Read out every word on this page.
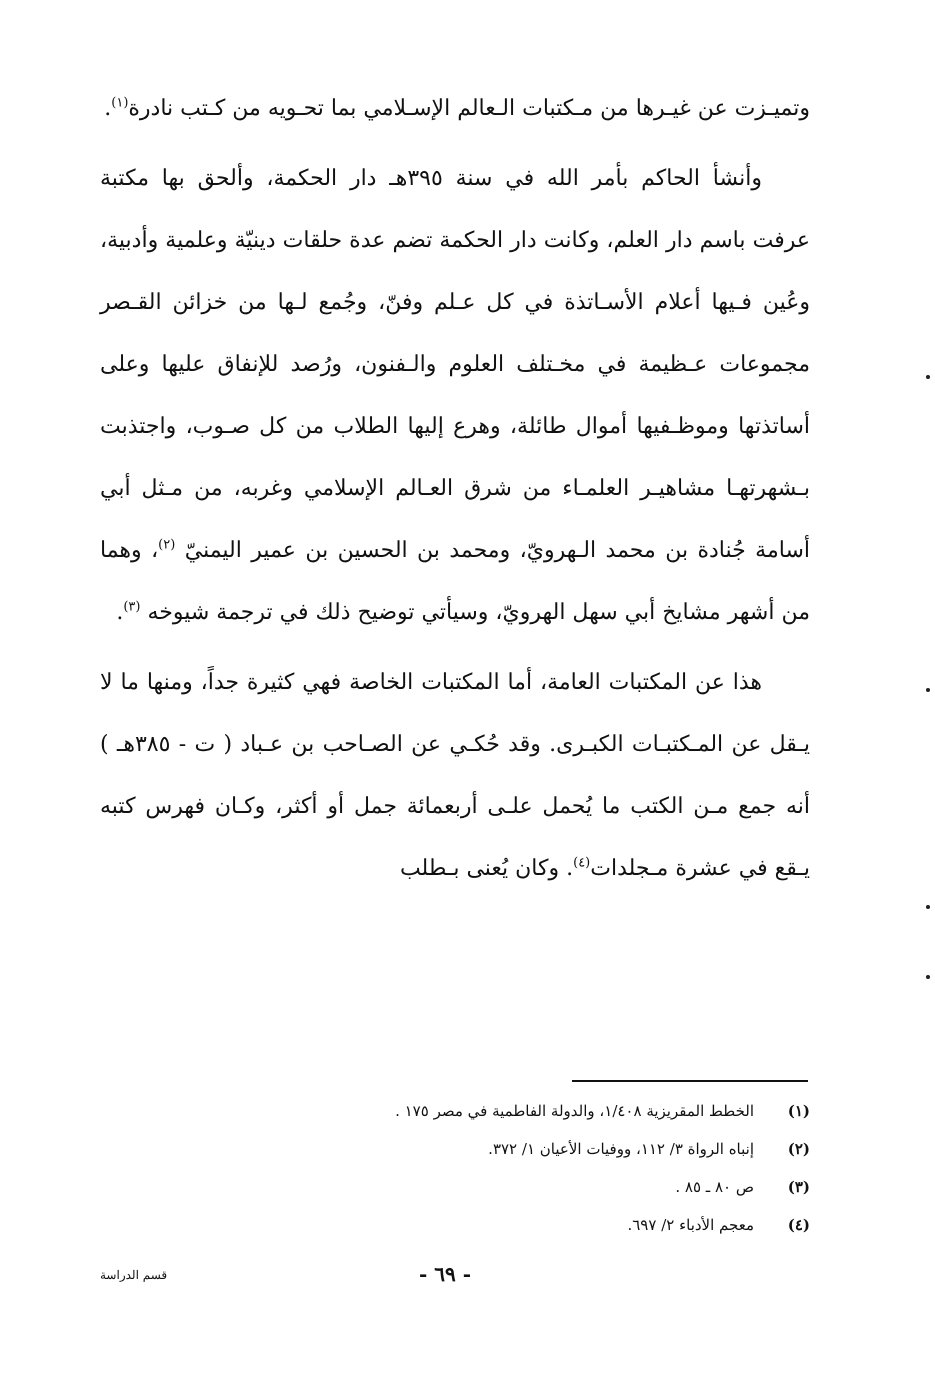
وتميـزت عن غيـرها من مـكتبات الـعالم الإسـلامي بما تحـويه من كـتب نادرة$^{(١)}$.

وأنشأ الحاكم بأمر الله في سنة ٣٩٥هـ دار الحكمة، وألحق بها مكتبة عرفت باسم دار العلم، وكانت دار الحكمة تضم عدة حلقات دينيّة وعلمية وأدبية، وعُين فـيها أعلام الأسـاتذة في كل عـلم وفنّ، وجُمع لـها من خزائن القـصر مجموعات عـظيمة في مخـتلف العلوم والـفنون، ورُصد للإنفاق عليها وعلى أساتذتها وموظـفيها أموال طائلة، وهرع إليها الطلاب من كل صـوب، واجتذبت بـشهرتهـا مشاهيـر العلمـاء من شرق العـالم الإسلامي وغربه، من مـثل أبي أسامة جُنادة بن محمد الـهرويّ، ومحمد بن الحسين بن عمير اليمنيّ $^{(٢)}$، وهما من أشهر مشايخ أبي سهل الهرويّ، وسيأتي توضيح ذلك في ترجمة شيوخه $^{(٣)}$.

هذا عن المكتبات العامة، أما المكتبات الخاصة فهي كثيرة جداً، ومنها ما لا يـقل عن المـكتبـات الكبـرى. وقد حُكـي عن الصـاحب بن عـباد ( ت - ٣٨٥هـ ) أنه جمع مـن الكتب ما يُحمل علـى أربعمائة جمل أو أكثر، وكـان فهرس كتبه يـقع في عشرة مـجلدات$^{(٤)}$. وكان يُعنى بـطلب

(١)
الخطط المقريزية ١/٤٠٨، والدولة الفاطمية في مصر ١٧٥ .
(٢)
إنباه الرواة ٣/ ١١٢، ووفيات الأعيان ١/ ٣٧٢.
(٣)
ص ٨٠ ـ ٨٥ .
(٤)
معجم الأدباء ٢/ ٦٩٧.
- ٦٩ -
قسم الدراسة
